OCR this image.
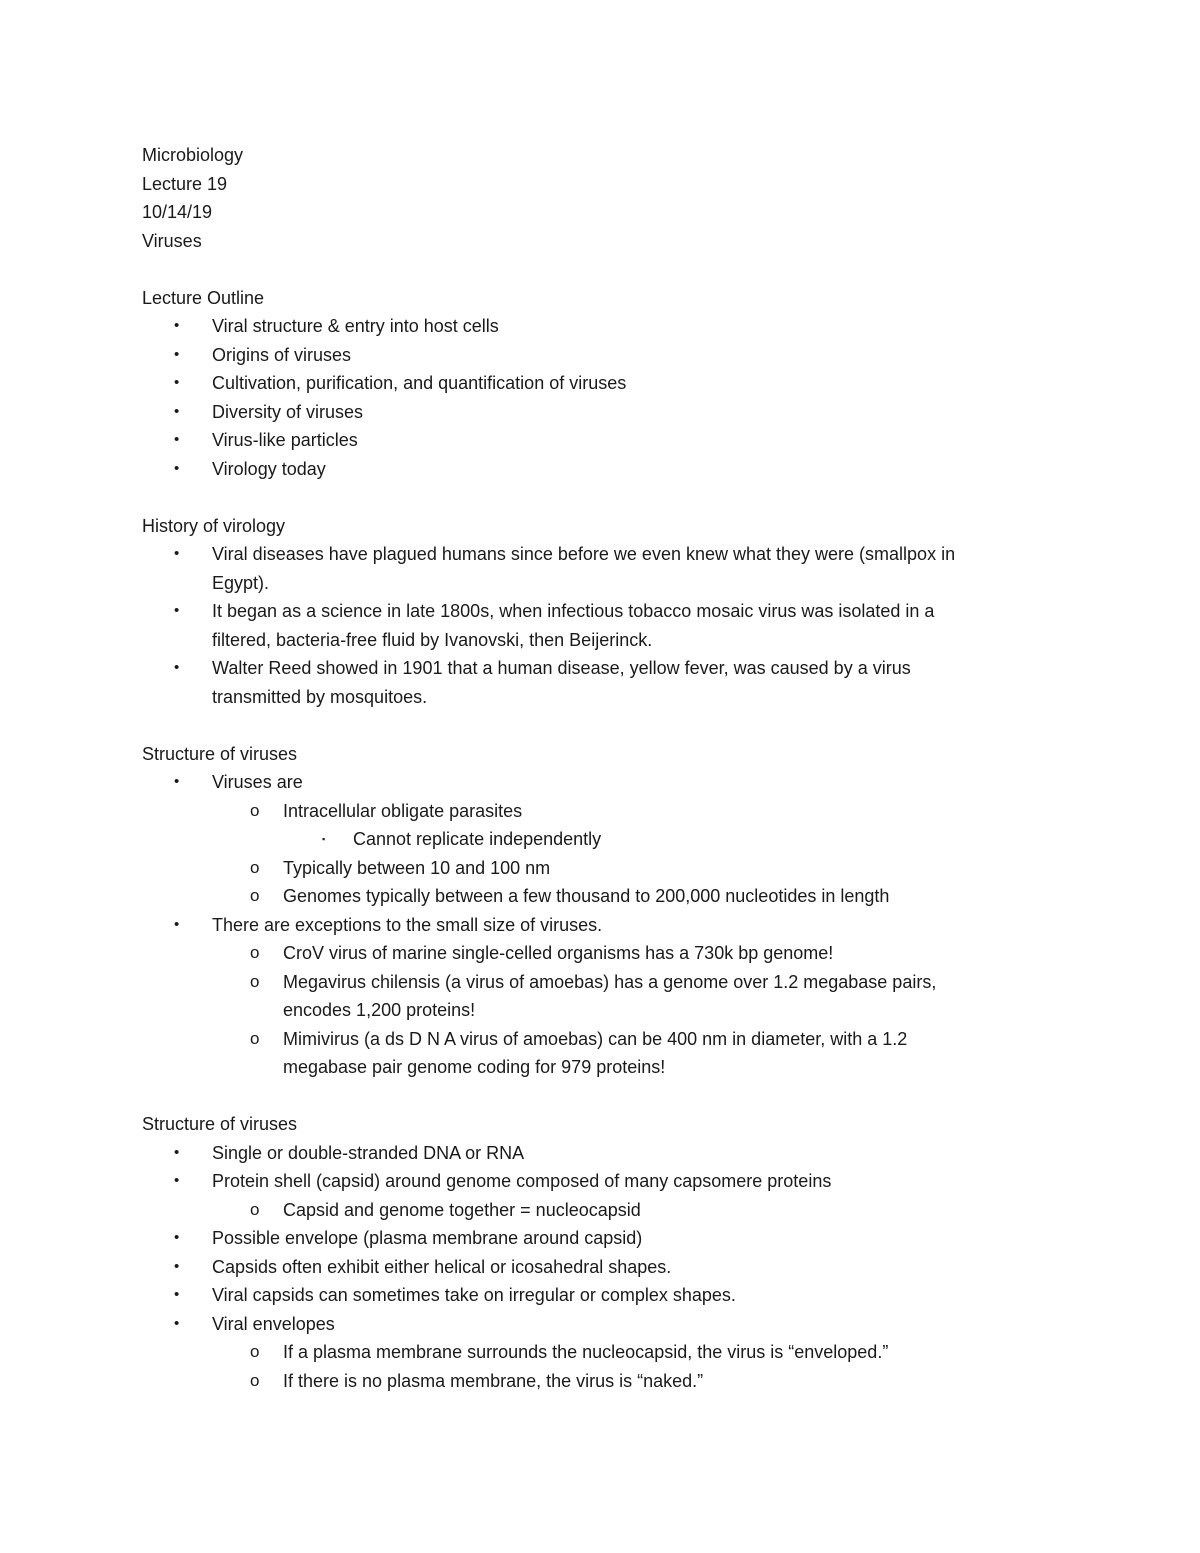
Microbiology
Lecture 19
10/14/19
Viruses
Lecture Outline
• Viral structure & entry into host cells
• Origins of viruses
• Cultivation, purification, and quantification of viruses
• Diversity of viruses
• Virus-like particles
• Virology today
History of virology
• Viral diseases have plagued humans since before we even knew what they were (smallpox in
Egypt).
• It began as a science in late 1800s, when infectious tobacco mosaic virus was isolated in a
filtered, bacteria-free fluid by Ivanovski, then Beijerinck.
• Walter Reed showed in 1901 that a human disease, yellow fever, was caused by a virus
transmitted by mosquitoes.
Structure of viruses
• Viruses are
o Intracellular obligate parasites
▪ Cannot replicate independently
o Typically between 10 and 100 nm
o Genomes typically between a few thousand to 200,000 nucleotides in length
• There are exceptions to the small size of viruses.
o CroV virus of marine single-celled organisms has a 730k bp genome!
o Megavirus chilensis (a virus of amoebas) has a genome over 1.2 megabase pairs,
encodes 1,200 proteins!
o Mimivirus (a ds D N A virus of amoebas) can be 400 nm in diameter, with a 1.2
megabase pair genome coding for 979 proteins!
Structure of viruses
• Single or double-stranded DNA or RNA
• Protein shell (capsid) around genome composed of many capsomere proteins
o Capsid and genome together = nucleocapsid
• Possible envelope (plasma membrane around capsid)
• Capsids often exhibit either helical or icosahedral shapes.
• Viral capsids can sometimes take on irregular or complex shapes.
• Viral envelopes
o If a plasma membrane surrounds the nucleocapsid, the virus is “enveloped.”
o If there is no plasma membrane, the virus is “naked.”
